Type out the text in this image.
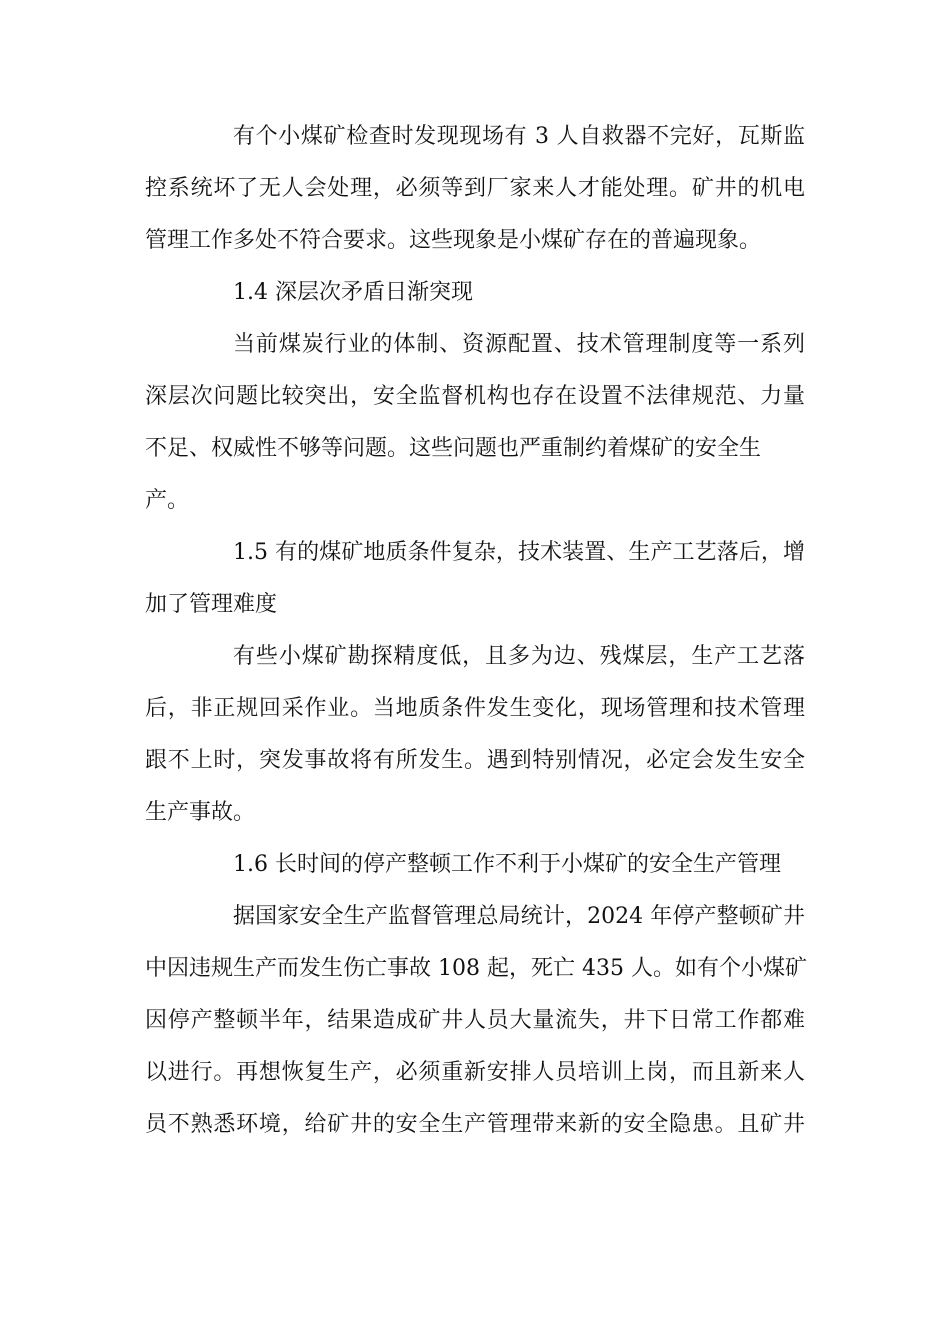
有个小煤矿检查时发现现场有 3 人自救器不完好，瓦斯监
控系统坏了无人会处理，必须等到厂家来人才能处理。矿井的机电
管理工作多处不符合要求。这些现象是小煤矿存在的普遍现象。
1.4 深层次矛盾日渐突现
当前煤炭行业的体制、资源配置、技术管理制度等一系列
深层次问题比较突出，安全监督机构也存在设置不法律规范、力量
不足、权威性不够等问题。这些问题也严重制约着煤矿的安全生
产。
1.5 有的煤矿地质条件复杂，技术装置、生产工艺落后，增
加了管理难度
有些小煤矿勘探精度低，且多为边、残煤层，生产工艺落
后，非正规回采作业。当地质条件发生变化，现场管理和技术管理
跟不上时，突发事故将有所发生。遇到特别情况，必定会发生安全
生产事故。
1.6 长时间的停产整顿工作不利于小煤矿的安全生产管理
据国家安全生产监督管理总局统计，2024 年停产整顿矿井
中因违规生产而发生伤亡事故 108 起，死亡 435 人。如有个小煤矿
因停产整顿半年，结果造成矿井人员大量流失，井下日常工作都难
以进行。再想恢复生产，必须重新安排人员培训上岗，而且新来人
员不熟悉环境，给矿井的安全生产管理带来新的安全隐患。且矿井
